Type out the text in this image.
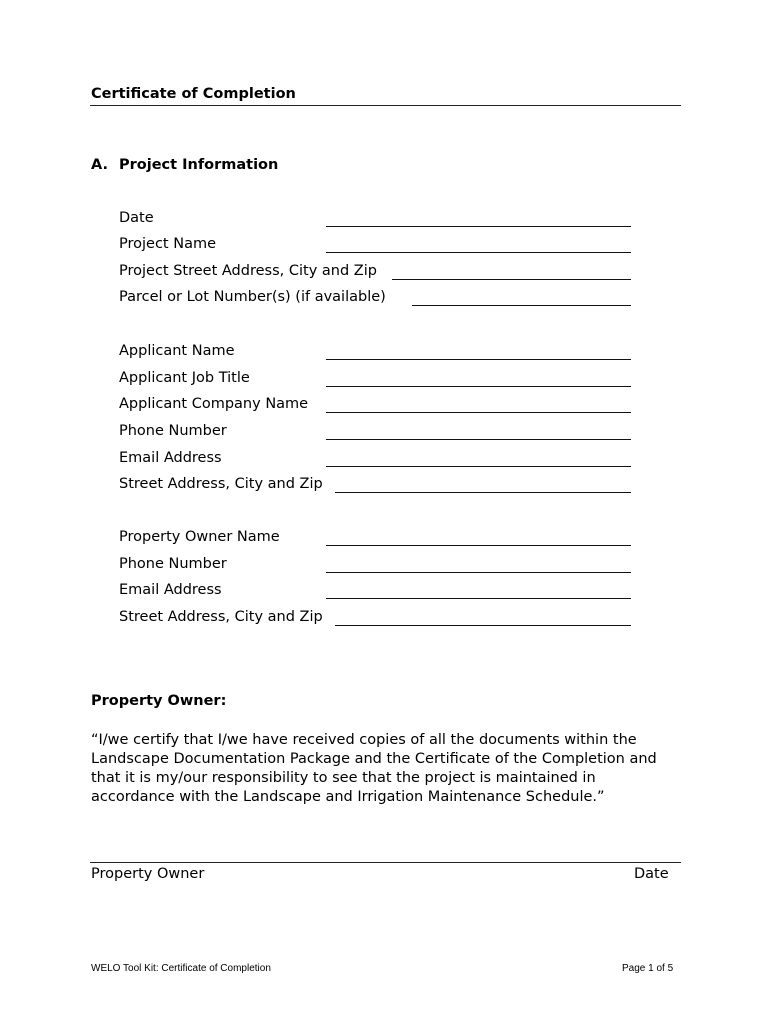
Certificate of Completion
A. Project Information
Date
Project Name
Project Street Address, City and Zip
Parcel or Lot Number(s) (if available)
Applicant Name
Applicant Job Title
Applicant Company Name
Phone Number
Email Address
Street Address, City and Zip
Property Owner Name
Phone Number
Email Address
Street Address, City and Zip
Property Owner:
“I/we certify that I/we have received copies of all the documents within the
Landscape Documentation Package and the Certificate of the Completion and
that it is my/our responsibility to see that the project is maintained in
accordance with the Landscape and Irrigation Maintenance Schedule.”
Property Owner	Date
WELO Tool Kit: Certificate of Completion	Page 1 of 5
